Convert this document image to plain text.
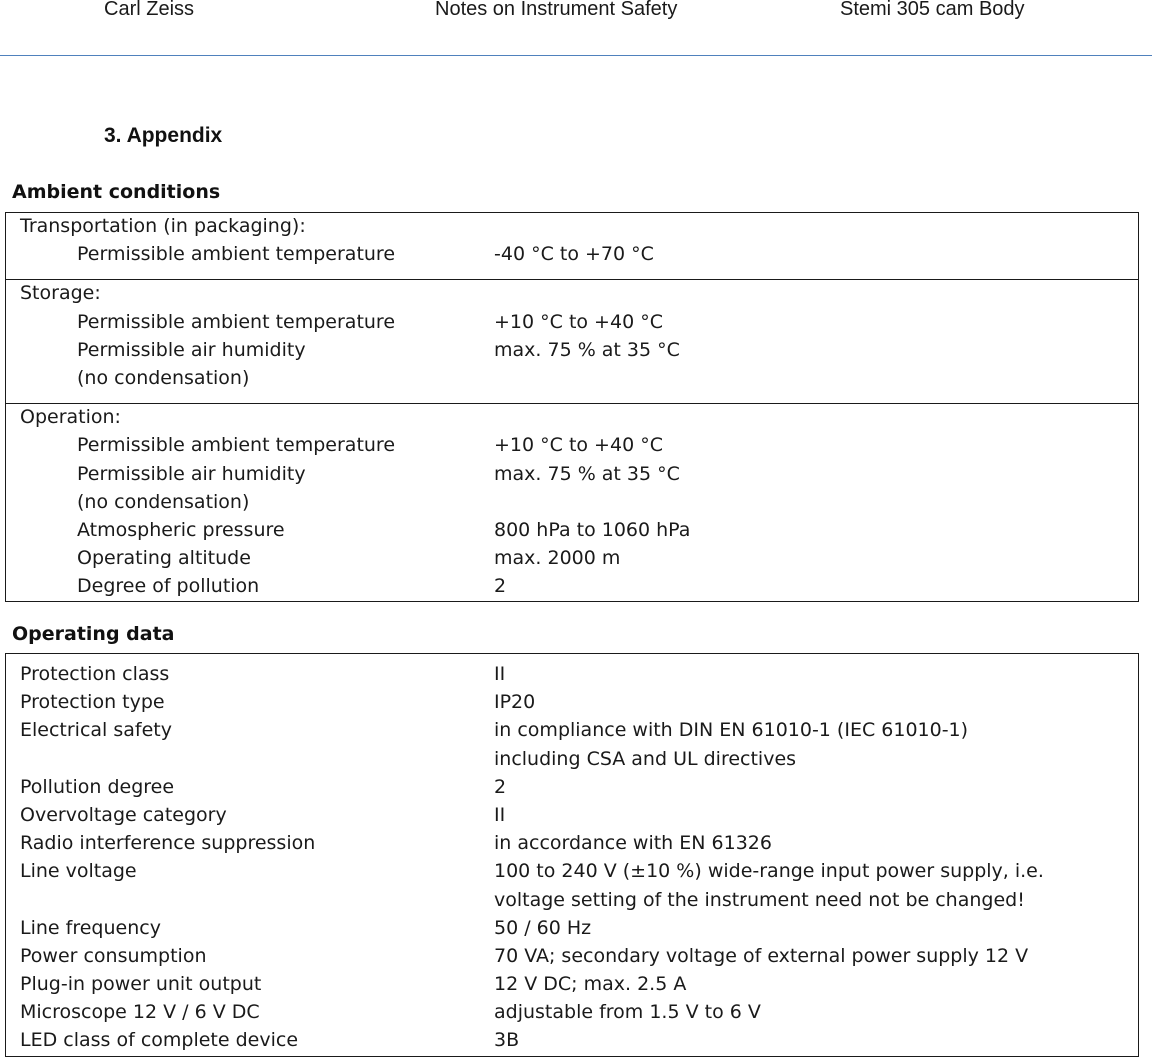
Carl Zeiss	Notes on Instrument Safety	Stemi 305 cam Body
3. Appendix
Ambient conditions
Transportation (in packaging):
Permissible ambient temperature	-40 °C to +70 °C
Storage:
Permissible ambient temperature	+10 °C to +40 °C
Permissible air humidity	max. 75 % at 35 °C
(no condensation)
Operation:
Permissible ambient temperature	+10 °C to +40 °C
Permissible air humidity	max. 75 % at 35 °C
(no condensation)
Atmospheric pressure	800 hPa to 1060 hPa
Operating altitude	max. 2000 m
Degree of pollution	2
Operating data
Protection class	II
Protection type	IP20
Electrical safety	in compliance with DIN EN 61010-1 (IEC 61010-1)
including CSA and UL directives
Pollution degree	2
Overvoltage category	II
Radio interference suppression	in accordance with EN 61326
Line voltage	100 to 240 V (±10 %) wide-range input power supply, i.e.
voltage setting of the instrument need not be changed!
Line frequency	50 / 60 Hz
Power consumption	70 VA; secondary voltage of external power supply 12 V
Plug-in power unit output	12 V DC; max. 2.5 A
Microscope 12 V / 6 V DC	adjustable from 1.5 V to 6 V
LED class of complete device	3B
